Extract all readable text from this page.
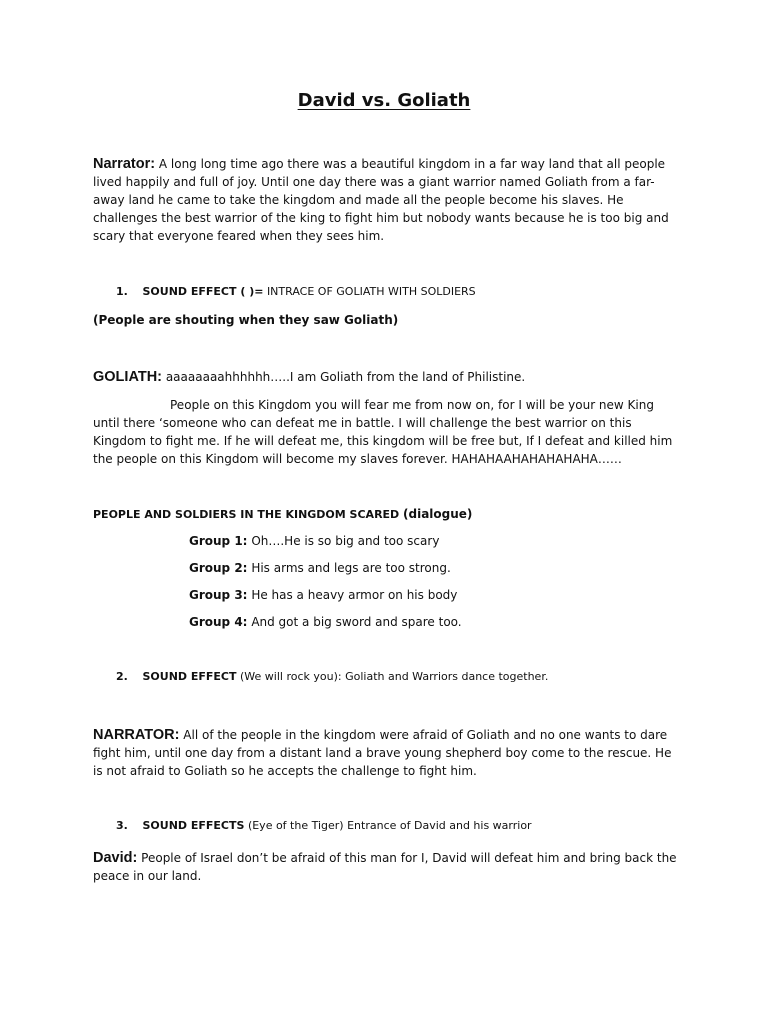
David vs. Goliath
Narrator: A long long time ago there was a beautiful kingdom in a far way land that all people lived happily and full of joy. Until one day there was a giant warrior named Goliath from a far-away land he came to take the kingdom and made all the people become his slaves. He challenges the best warrior of the king to fight him but nobody wants because he is too big and scary that everyone feared when they sees him.
1. SOUND EFFECT ( )= INTRACE OF GOLIATH WITH SOLDIERS
(People are shouting when they saw Goliath)
GOLIATH: aaaaaaaahhhhhh…..I am Goliath from the land of Philistine.
People on this Kingdom you will fear me from now on, for I will be your new King until there ‘someone who can defeat me in battle. I will challenge the best warrior on this Kingdom to fight me. If he will defeat me, this kingdom will be free but, If I defeat and killed him the people on this Kingdom will become my slaves forever. HAHAHAAHAHAHAHAHA……
PEOPLE AND SOLDIERS IN THE KINGDOM SCARED (dialogue)
Group 1: Oh….He is so big and too scary
Group 2: His arms and legs are too strong.
Group 3: He has a heavy armor on his body
Group 4: And got a big sword and spare too.
2. SOUND EFFECT (We will rock you): Goliath and Warriors dance together.
NARRATOR: All of the people in the kingdom were afraid of Goliath and no one wants to dare fight him, until one day from a distant land a brave young shepherd boy come to the rescue. He is not afraid to Goliath so he accepts the challenge to fight him.
3. SOUND EFFECTS (Eye of the Tiger) Entrance of David and his warrior
David: People of Israel don’t be afraid of this man for I, David will defeat him and bring back the peace in our land.
